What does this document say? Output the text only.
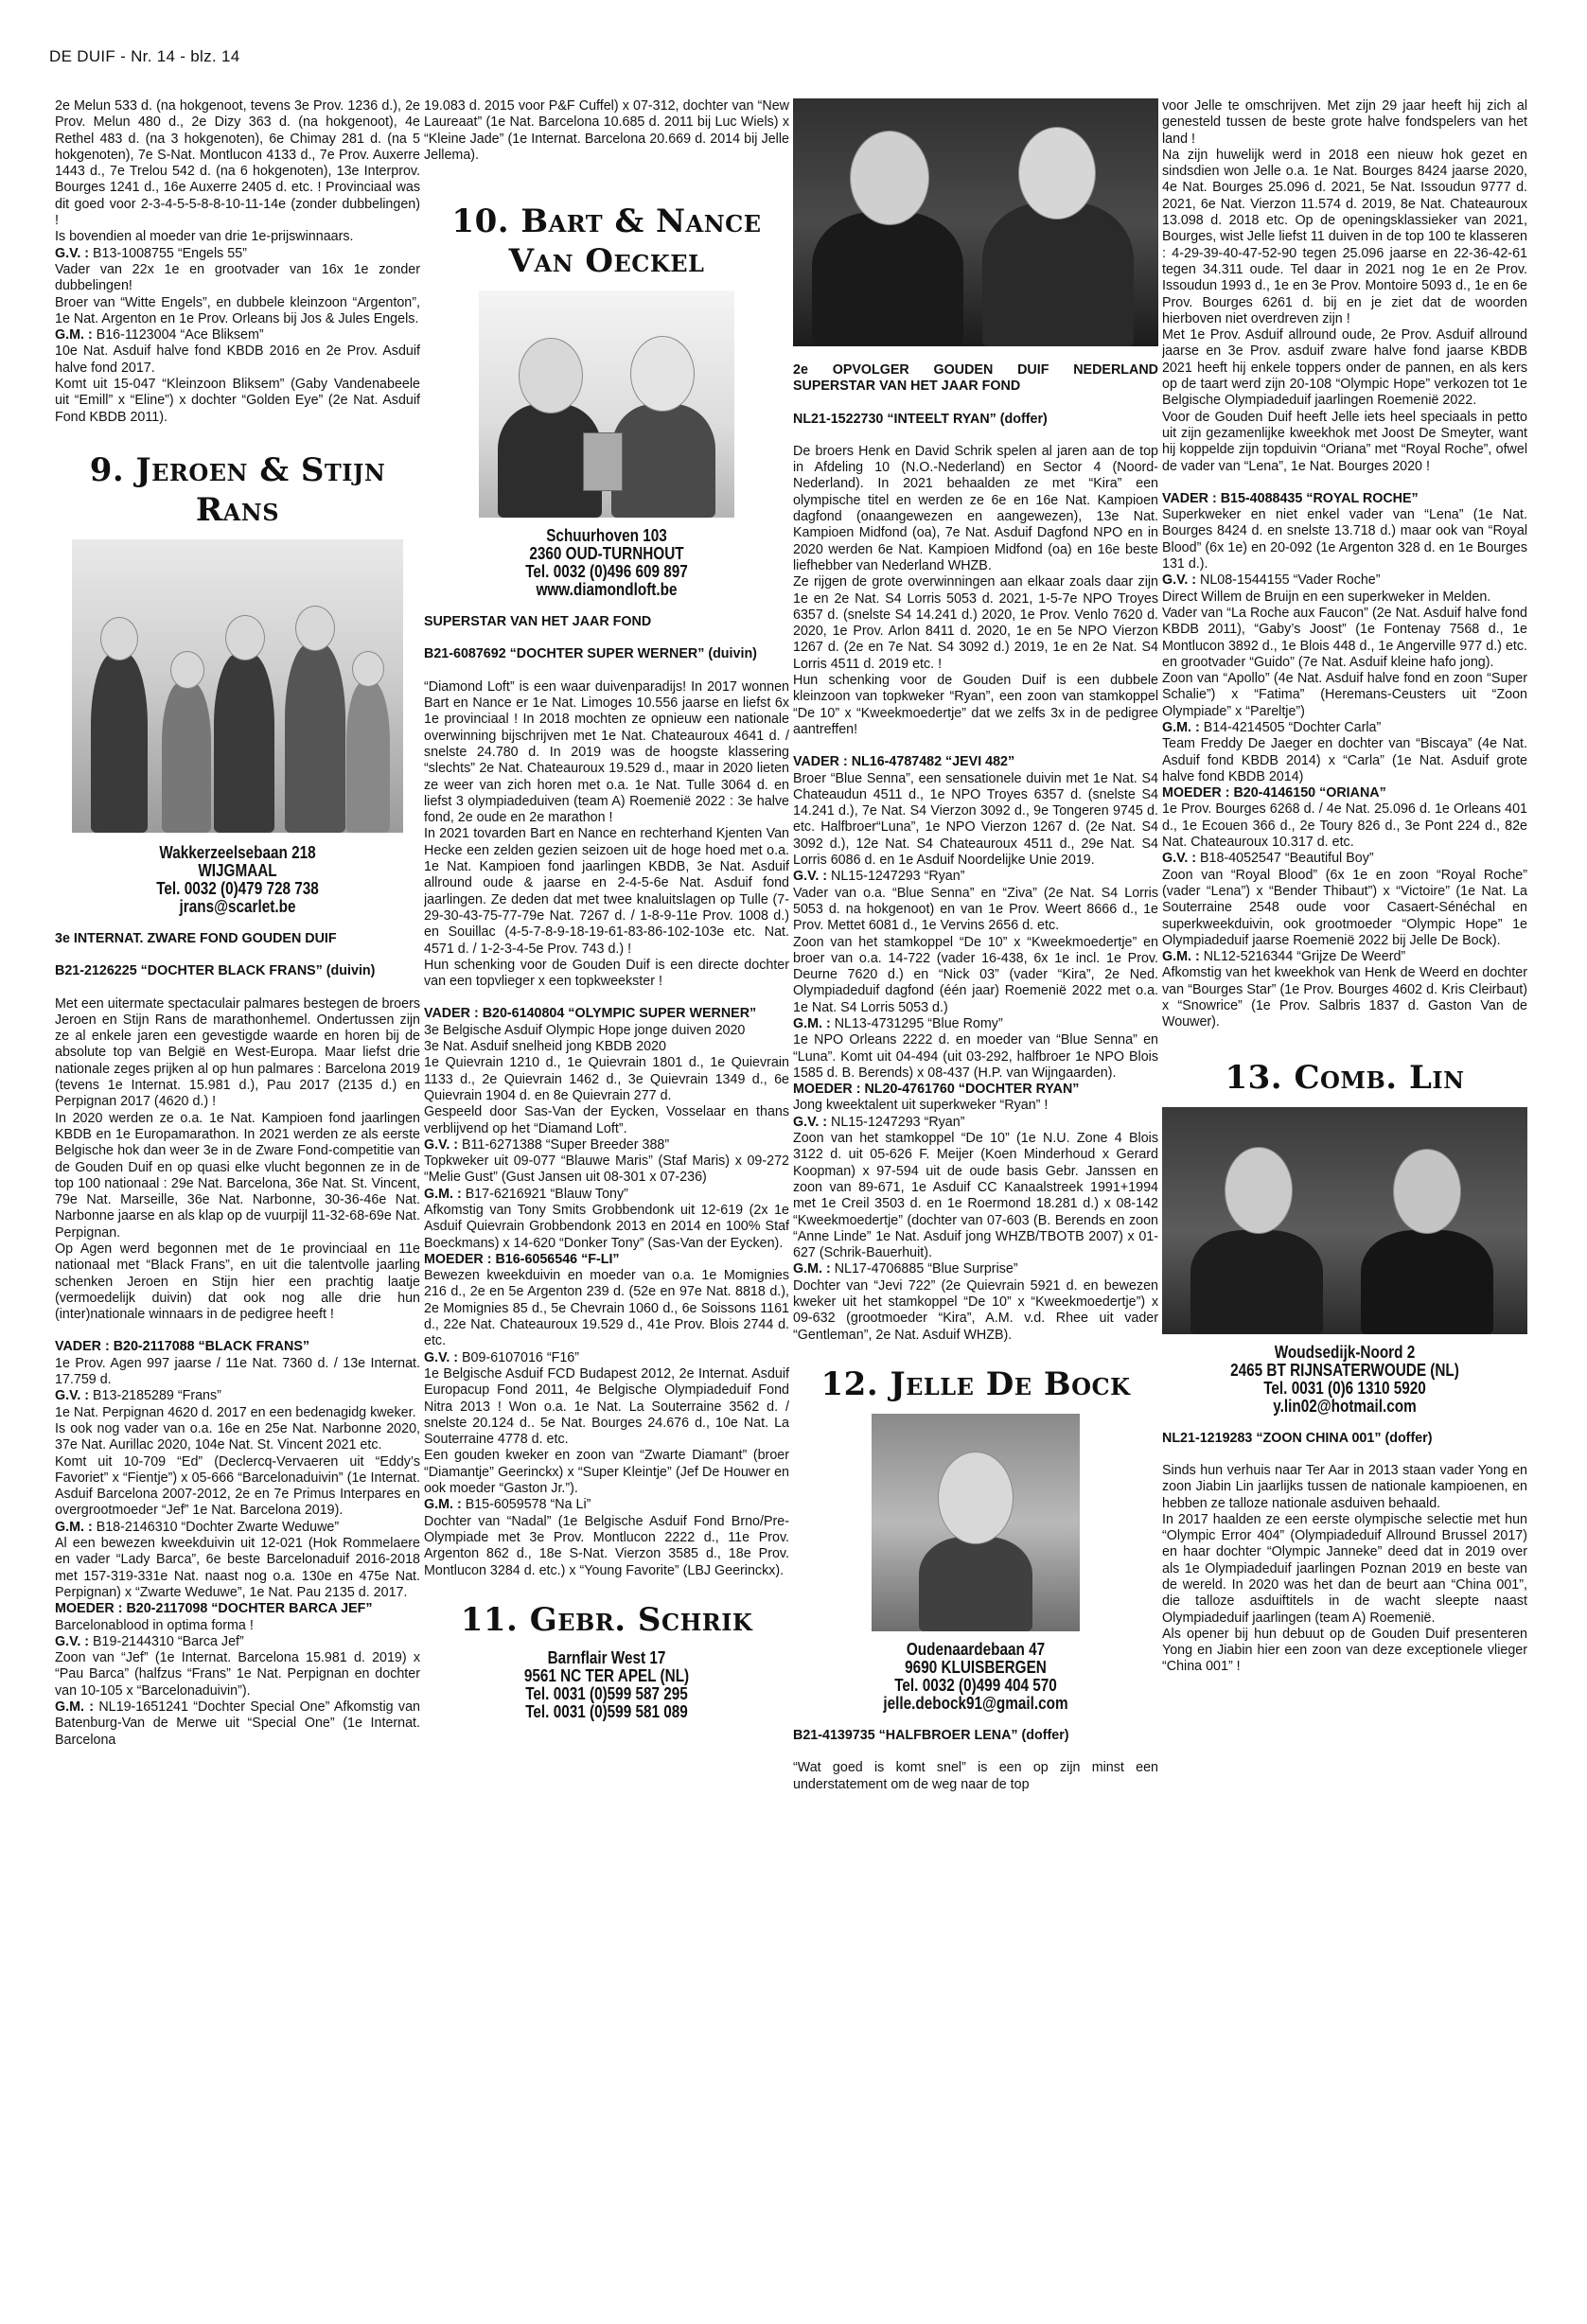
DE DUIF - Nr. 14 - blz. 14

2e Melun 533 d. (na hokgenoot, tevens 3e Prov. 1236 d.), 2e Prov. Melun 480 d., 2e Dizy 363 d. (na hokgenoot), 4e Rethel 483 d. (na 3 hokgenoten), 6e Chimay 281 d. (na 5 hokgenoten), 7e S-Nat. Montlucon 4133 d., 7e Prov. Auxerre 1443 d., 7e Trelou 542 d. (na 6 hokgenoten), 13e Interprov. Bourges 1241 d., 16e Auxerre 2405 d. etc. ! Provinciaal was dit goed voor 2-3-4-5-5-8-8-10-11-14e (zonder dubbelingen) !

Is bovendien al moeder van drie 1e-prijswinnaars.

G.V. : B13-1008755 “Engels 55”

Vader van 22x 1e en grootvader van 16x 1e zonder dubbelingen!

Broer van “Witte Engels”, en dubbele kleinzoon “Argenton”, 1e Nat. Argenton en 1e Prov. Orleans bij Jos & Jules Engels.

G.M. : B16-1123004 “Ace Bliksem”

10e Nat. Asduif halve fond KBDB 2016 en 2e Prov. Asduif halve fond 2017.

Komt uit 15-047 “Kleinzoon Bliksem” (Gaby Vandenabeele uit “Emill” x “Eline”) x dochter “Golden Eye” (2e Nat. Asduif Fond KBDB 2011).

9. Jeroen & Stijn Rans
Wakkerzeelsebaan 218
WIJGMAAL
Tel. 0032 (0)479 728 738
jrans@scarlet.be

3e INTERNAT. ZWARE FOND GOUDEN DUIF

B21-2126225 “DOCHTER BLACK FRANS” (duivin)

Met een uitermate spectaculair palmares bestegen de broers Jeroen en Stijn Rans de marathonhemel. Ondertussen zijn ze al enkele jaren een gevestigde waarde en horen bij de absolute top van België en West-Europa. Maar liefst drie nationale zeges prijken al op hun palmares : Barcelona 2019 (tevens 1e Internat. 15.981 d.), Pau 2017 (2135 d.) en Perpignan 2017 (4620 d.) !

In 2020 werden ze o.a. 1e Nat. Kampioen fond jaarlingen KBDB en 1e Europamarathon. In 2021 werden ze als eerste Belgische hok dan weer 3e in de Zware Fond-competitie van de Gouden Duif en op quasi elke vlucht begonnen ze in de top 100 nationaal : 29e Nat. Barcelona, 36e Nat. St. Vincent, 79e Nat. Marseille, 36e Nat. Narbonne, 30-36-46e Nat. Narbonne jaarse en als klap op de vuurpijl 11-32-68-69e Nat. Perpignan.

Op Agen werd begonnen met de 1e provinciaal en 11e nationaal met “Black Frans”, en uit die talentvolle jaarling schenken Jeroen en Stijn hier een prachtig laatje (vermoedelijk duivin) dat ook nog alle drie hun (inter)nationale winnaars in de pedigree heeft !

VADER : B20-2117088 “BLACK FRANS”

1e Prov. Agen 997 jaarse / 11e Nat. 7360 d. / 13e Internat. 17.759 d.

G.V. : B13-2185289 “Frans”

1e Nat. Perpignan 4620 d. 2017 en een bedenagidg kweker.

Is ook nog vader van o.a. 16e en 25e Nat. Narbonne 2020, 37e Nat. Aurillac 2020, 104e Nat. St. Vincent 2021 etc.

Komt uit 10-709 “Ed” (Declercq-Vervaeren uit “Eddy’s Favoriet” x “Fientje”) x 05-666 “Barcelonaduivin” (1e Internat. Asduif Barcelona 2007-2012, 2e en 7e Primus Interpares en overgrootmoeder “Jef” 1e Nat. Barcelona 2019).

G.M. : B18-2146310 “Dochter Zwarte Weduwe”

Al een bewezen kweekduivin uit 12-021 (Hok Rommelaere en vader “Lady Barca”, 6e beste Barcelonaduif 2016-2018 met 157-319-331e Nat. naast nog o.a. 130e en 475e Nat. Perpignan) x “Zwarte Weduwe”, 1e Nat. Pau 2135 d. 2017.

MOEDER : B20-2117098 “DOCHTER BARCA JEF”

Barcelonablood in optima forma !

G.V. : B19-2144310 “Barca Jef”

Zoon van “Jef” (1e Internat. Barcelona 15.981 d. 2019) x “Pau Barca” (halfzus “Frans” 1e Nat. Perpignan en dochter van 10-105 x “Barcelonaduivin”).

G.M. : NL19-1651241 “Dochter Special One” Afkomstig van Batenburg-Van de Merwe uit “Special One” (1e Internat. Barcelona

19.083 d. 2015 voor P&F Cuffel) x 07-312, dochter van “New Laureaat” (1e Nat. Barcelona 10.685 d. 2011 bij Luc Wiels) x “Kleine Jade” (1e Internat. Barcelona 20.669 d. 2014 bij Jelle Jellema).

10. Bart & Nance Van Oeckel
Schuurhoven 103
2360 OUD-TURNHOUT
Tel. 0032 (0)496 609 897
www.diamondloft.be

SUPERSTAR VAN HET JAAR FOND

B21-6087692 “DOCHTER SUPER WERNER” (duivin)

“Diamond Loft” is een waar duivenparadijs! In 2017 wonnen Bart en Nance er 1e Nat. Limoges 10.556 jaarse en liefst 6x 1e provinciaal ! In 2018 mochten ze opnieuw een nationale overwinning bijschrijven met 1e Nat. Chateauroux 4641 d. / snelste 24.780 d. In 2019 was de hoogste klassering “slechts” 2e Nat. Chateauroux 19.529 d., maar in 2020 lieten ze weer van zich horen met o.a. 1e Nat. Tulle 3064 d. en liefst 3 olympiadeduiven (team A) Roemenië 2022 : 3e halve fond, 2e oude en 2e marathon !

In 2021 tovarden Bart en Nance en rechterhand Kjenten Van Hecke een zelden gezien seizoen uit de hoge hoed met o.a. 1e Nat. Kampioen fond jaarlingen KBDB, 3e Nat. Asduif allround oude & jaarse en 2-4-5-6e Nat. Asduif fond jaarlingen. Ze deden dat met twee knaluitslagen op Tulle (7-29-30-43-75-77-79e Nat. 7267 d. / 1-8-9-11e Prov. 1008 d.) en Souillac (4-5-7-8-9-18-19-61-83-86-102-103e etc. Nat. 4571 d. / 1-2-3-4-5e Prov. 743 d.) !

Hun schenking voor de Gouden Duif is een directe dochter van een topvlieger x een topkweekster !

VADER : B20-6140804 “OLYMPIC SUPER WERNER”

3e Belgische Asduif Olympic Hope jonge duiven 2020

3e Nat. Asduif snelheid jong KBDB 2020

1e Quievrain 1210 d., 1e Quievrain 1801 d., 1e Quievrain 1133 d., 2e Quievrain 1462 d., 3e Quievrain 1349 d., 6e Quievrain 1904 d. en 8e Quievrain 277 d.

Gespeeld door Sas-Van der Eycken, Vosselaar en thans verblijvend op het “Diamand Loft”.

G.V. : B11-6271388 “Super Breeder 388”

Topkweker uit 09-077 “Blauwe Maris” (Staf Maris) x 09-272 “Melie Gust” (Gust Jansen uit 08-301 x 07-236)

G.M. : B17-6216921 “Blauw Tony”

Afkomstig van Tony Smits Grobbendonk uit 12-619 (2x 1e Asduif Quievrain Grobbendonk 2013 en 2014 en 100% Staf Boeckmans) x 14-620 “Donker Tony” (Sas-Van der Eycken).

MOEDER : B16-6056546 “F-LI”

Bewezen kweekduivin en moeder van o.a. 1e Momignies 216 d., 2e en 5e Argenton 239 d. (52e en 97e Nat. 8818 d.), 2e Momignies 85 d., 5e Chevrain 1060 d., 6e Soissons 1161 d., 22e Nat. Chateauroux 19.529 d., 41e Prov. Blois 2744 d. etc.

G.V. : B09-6107016 “F16”

1e Belgische Asduif FCD Budapest 2012, 2e Internat. Asduif Europacup Fond 2011, 4e Belgische Olympiadeduif Fond Nitra 2013 ! Won o.a. 1e Nat. La Souterraine 3562 d. / snelste 20.124 d.. 5e Nat. Bourges 24.676 d., 10e Nat. La Souterraine 4778 d. etc.

Een gouden kweker en zoon van “Zwarte Diamant” (broer “Diamantje” Geerinckx) x “Super Kleintje” (Jef De Houwer en ook moeder “Gaston Jr.”).

G.M. : B15-6059578 “Na Li”

Dochter van “Nadal” (1e Belgische Asduif Fond Brno/Pre-Olympiade met 3e Prov. Montlucon 2222 d., 11e Prov. Argenton 862 d., 18e S-Nat. Vierzon 3585 d., 18e Prov. Montlucon 3284 d. etc.) x “Young Favorite” (LBJ Geerinckx).

11. Gebr. Schrik
Barnflair West 17
9561 NC TER APEL (NL)
Tel. 0031 (0)599 587 295
Tel. 0031 (0)599 581 089

2e OPVOLGER GOUDEN DUIF NEDERLAND SUPERSTAR VAN HET JAAR FOND

NL21-1522730 “INTEELT RYAN” (doffer)

De broers Henk en David Schrik spelen al jaren aan de top in Afdeling 10 (N.O.-Nederland) en Sector 4 (Noord-Nederland). In 2021 behaalden ze met “Kira” een olympische titel en werden ze 6e en 16e Nat. Kampioen dagfond (onaangewezen en aangewezen), 13e Nat. Kampioen Midfond (oa), 7e Nat. Asduif Dagfond NPO en in 2020 werden 6e Nat. Kampioen Midfond (oa) en 16e beste liefhebber van Nederland WHZB.

Ze rijgen de grote overwinningen aan elkaar zoals daar zijn 1e en 2e Nat. S4 Lorris 5053 d. 2021, 1-5-7e NPO Troyes 6357 d. (snelste S4 14.241 d.) 2020, 1e Prov. Venlo 7620 d. 2020, 1e Prov. Arlon 8411 d. 2020, 1e en 5e NPO Vierzon 1267 d. (2e en 7e Nat. S4 3092 d.) 2019, 1e en 2e Nat. S4 Lorris 4511 d. 2019 etc. !

Hun schenking voor de Gouden Duif is een dubbele kleinzoon van topkweker “Ryan”, een zoon van stamkoppel “De 10” x “Kweekmoedertje” dat we zelfs 3x in de pedigree aantreffen!

VADER : NL16-4787482 “JEVI 482”

Broer “Blue Senna”, een sensationele duivin met 1e Nat. S4 Chateaudun 4511 d., 1e NPO Troyes 6357 d. (snelste S4 14.241 d.), 7e Nat. S4 Vierzon 3092 d., 9e Tongeren 9745 d. etc. Halfbroer“Luna”, 1e NPO Vierzon 1267 d. (2e Nat. S4 3092 d.), 12e Nat. S4 Chateauroux 4511 d., 29e Nat. S4 Lorris 6086 d. en 1e Asduif Noordelijke Unie 2019.

G.V. : NL15-1247293 “Ryan”

Vader van o.a. “Blue Senna” en “Ziva” (2e Nat. S4 Lorris 5053 d. na hokgenoot) en van 1e Prov. Weert 8666 d., 1e Prov. Mettet 6081 d., 1e Vervins 2656 d. etc.

Zoon van het stamkoppel “De 10” x “Kweekmoedertje” en broer van o.a. 14-722 (vader 16-438, 6x 1e incl. 1e Prov. Deurne 7620 d.) en “Nick 03” (vader “Kira”, 2e Ned. Olympiadeduif dagfond (één jaar) Roemenië 2022 met o.a. 1e Nat. S4 Lorris 5053 d.)

G.M. : NL13-4731295 “Blue Romy”

1e NPO Orleans 2222 d. en moeder van “Blue Senna” en “Luna”. Komt uit 04-494 (uit 03-292, halfbroer 1e NPO Blois 1585 d. B. Berends) x 08-437 (H.P. van Wijngaarden).

MOEDER : NL20-4761760 “DOCHTER RYAN”

Jong kweektalent uit superkweker “Ryan” !

G.V. : NL15-1247293 “Ryan”

Zoon van het stamkoppel “De 10” (1e N.U. Zone 4 Blois 3122 d. uit 05-626 F. Meijer (Koen Minderhoud x Gerard Koopman) x 97-594 uit de oude basis Gebr. Janssen en zoon van 89-671, 1e Asduif CC Kanaalstreek 1991+1994 met 1e Creil 3503 d. en 1e Roermond 18.281 d.) x 08-142 “Kweekmoedertje” (dochter van 07-603 (B. Berends en zoon “Anne Linde” 1e Nat. Asduif jong WHZB/TBOTB 2007) x 01-627 (Schrik-Bauerhuit).

G.M. : NL17-4706885 “Blue Surprise”

Dochter van “Jevi 722” (2e Quievrain 5921 d. en bewezen kweker uit het stamkoppel “De 10” x “Kweekmoedertje”) x 09-632 (grootmoeder “Kira”, A.M. v.d. Rhee uit vader “Gentleman”, 2e Nat. Asduif WHZB).

12. Jelle De Bock
Oudenaardebaan 47
9690 KLUISBERGEN
Tel. 0032 (0)499 404 570
jelle.debock91@gmail.com

B21-4139735 “HALFBROER LENA” (doffer)

“Wat goed is komt snel” is een op zijn minst een understatement om de weg naar de top

voor Jelle te omschrijven. Met zijn 29 jaar heeft hij zich al genesteld tussen de beste grote halve fondspelers van het land !

Na zijn huwelijk werd in 2018 een nieuw hok gezet en sindsdien won Jelle o.a. 1e Nat. Bourges 8424 jaarse 2020, 4e Nat. Bourges 25.096 d. 2021, 5e Nat. Issoudun 9777 d. 2021, 6e Nat. Vierzon 11.574 d. 2019, 8e Nat. Chateauroux 13.098 d. 2018 etc. Op de openingsklassieker van 2021, Bourges, wist Jelle liefst 11 duiven in de top 100 te klasseren : 4-29-39-40-47-52-90 tegen 25.096 jaarse en 22-36-42-61 tegen 34.311 oude. Tel daar in 2021 nog 1e en 2e Prov. Issoudun 1993 d., 1e en 3e Prov. Montoire 5093 d., 1e en 6e Prov. Bourges 6261 d. bij en je ziet dat de woorden hierboven niet overdreven zijn !

Met 1e Prov. Asduif allround oude, 2e Prov. Asduif allround jaarse en 3e Prov. asduif zware halve fond jaarse KBDB 2021 heeft hij enkele toppers onder de pannen, en als kers op de taart werd zijn 20-108 “Olympic Hope” verkozen tot 1e Belgische Olympiadeduif jaarlingen Roemenië 2022.

Voor de Gouden Duif heeft Jelle iets heel speciaals in petto uit zijn gezamenlijke kweekhok met Joost De Smeyter, want hij koppelde zijn topduivin “Oriana” met “Royal Roche”, ofwel de vader van “Lena”, 1e Nat. Bourges 2020 !

VADER : B15-4088435 “ROYAL ROCHE”

Superkweker en niet enkel vader van “Lena” (1e Nat. Bourges 8424 d. en snelste 13.718 d.) maar ook van “Royal Blood” (6x 1e) en 20-092 (1e Argenton 328 d. en 1e Bourges 131 d.).

G.V. : NL08-1544155 “Vader Roche”

Direct Willem de Bruijn en een superkweker in Melden.

Vader van “La Roche aux Faucon” (2e Nat. Asduif halve fond KBDB 2011), “Gaby’s Joost” (1e Fontenay 7568 d., 1e Montlucon 3892 d., 1e Blois 448 d., 1e Angerville 977 d.) etc. en grootvader “Guido” (7e Nat. Asduif kleine hafo jong).

Zoon van “Apollo” (4e Nat. Asduif halve fond en zoon “Super Schalie”) x “Fatima” (Heremans-Ceusters uit “Zoon Olympiade” x “Pareltje”)

G.M. : B14-4214505 “Dochter Carla”

Team Freddy De Jaeger en dochter van “Biscaya” (4e Nat. Asduif fond KBDB 2014) x “Carla” (1e Nat. Asduif grote halve fond KBDB 2014)

MOEDER : B20-4146150 “ORIANA”

1e Prov. Bourges 6268 d. / 4e Nat. 25.096 d. 1e Orleans 401 d., 1e Ecouen 366 d., 2e Toury 826 d., 3e Pont 224 d., 82e Nat. Chateauroux 10.317 d. etc.

G.V. : B18-4052547 “Beautiful Boy”

Zoon van “Royal Blood” (6x 1e en zoon “Royal Roche” (vader “Lena”) x “Bender Thibaut”) x “Victoire” (1e Nat. La Souterraine 2548 oude voor Casaert-Sénéchal en superkweekduivin, ook grootmoeder “Olympic Hope” 1e Olympiadeduif jaarse Roemenië 2022 bij Jelle De Bock).

G.M. : NL12-5216344 “Grijze De Weerd”

Afkomstig van het kweekhok van Henk de Weerd en dochter van “Bourges Star” (1e Prov. Bourges 4602 d. Kris Cleirbaut) x “Snowrice” (1e Prov. Salbris 1837 d. Gaston Van de Wouwer).

13. Comb. Lin
Woudsedijk-Noord 2
2465 BT RIJNSATERWOUDE (NL)
Tel. 0031 (0)6 1310 5920
y.lin02@hotmail.com

NL21-1219283 “ZOON CHINA 001” (doffer)

Sinds hun verhuis naar Ter Aar in 2013 staan vader Yong en zoon Jiabin Lin jaarlijks tussen de nationale kampioenen, en hebben ze talloze nationale asduiven behaald.

In 2017 haalden ze een eerste olympische selectie met hun “Olympic Error 404” (Olympiadeduif Allround Brussel 2017) en haar dochter “Olympic Janneke” deed dat in 2019 over als 1e Olympiadeduif jaarlingen Poznan 2019 en beste van de wereld. In 2020 was het dan de beurt aan “China 001”, die talloze asduiftitels in de wacht sleepte naast Olympiadeduif jaarlingen (team A) Roemenië.

Als opener bij hun debuut op de Gouden Duif presenteren Yong en Jiabin hier een zoon van deze exceptionele vlieger “China 001” !
